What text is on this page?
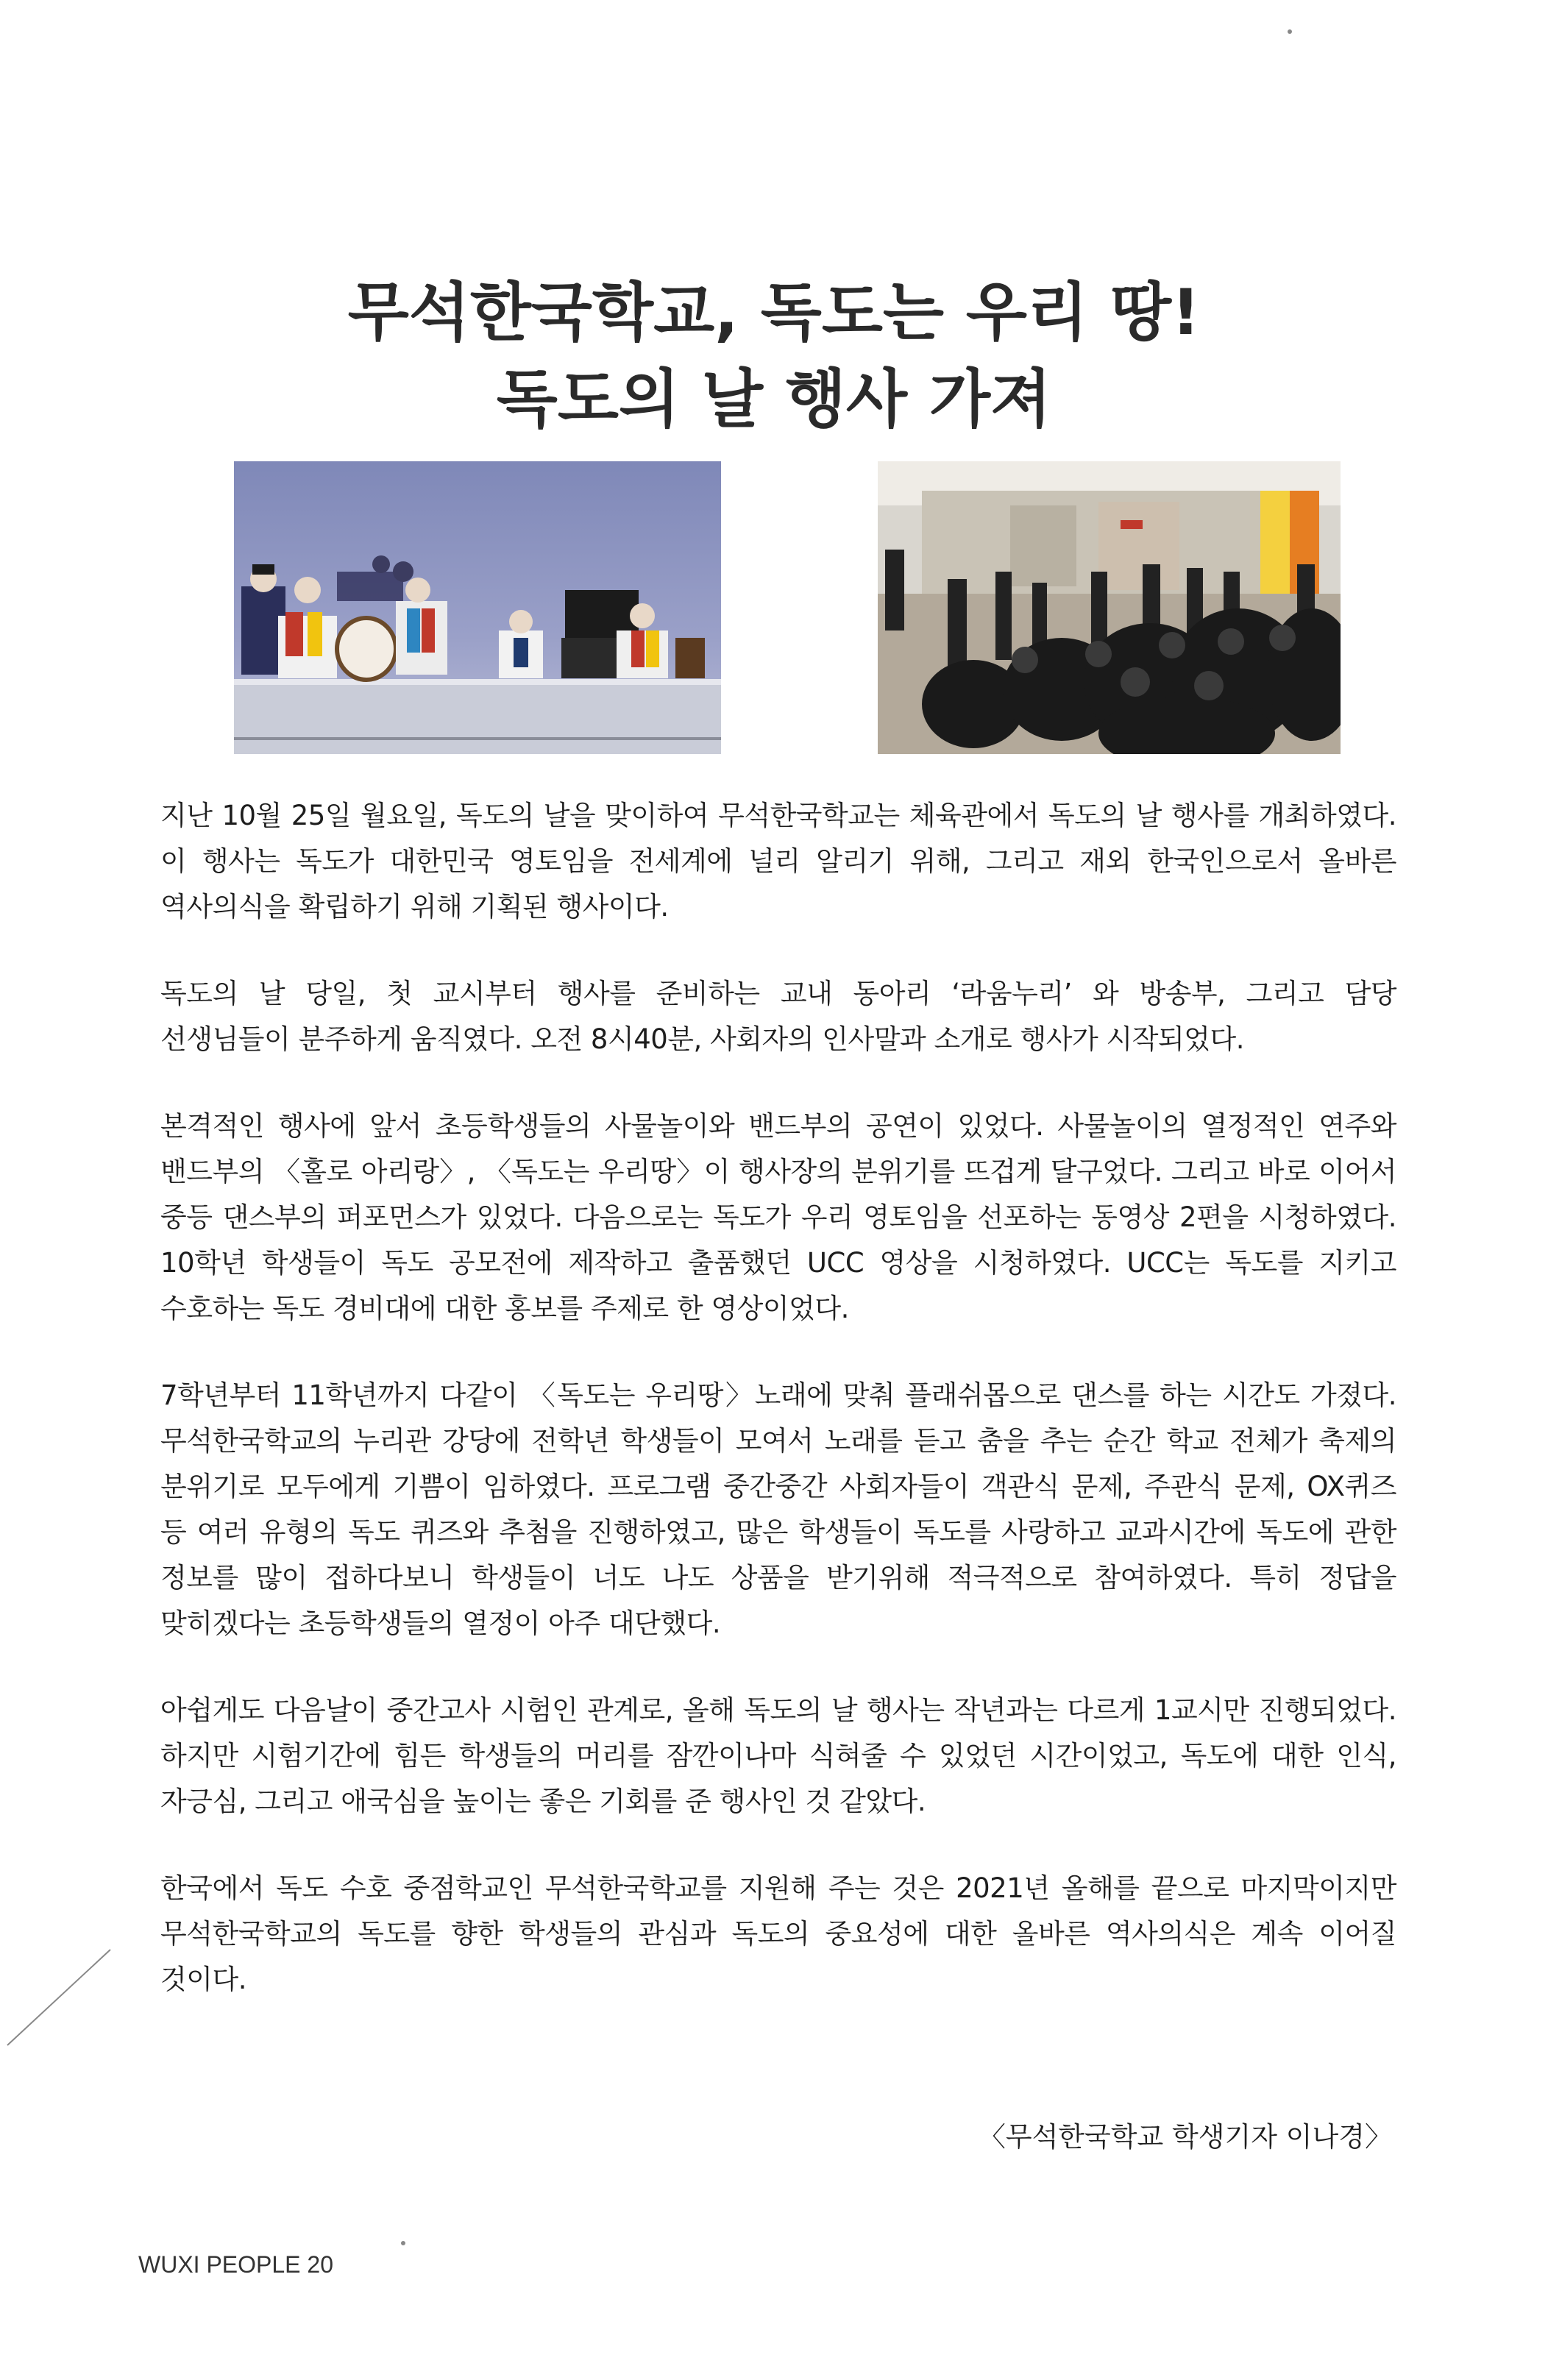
무석한국학교, 독도는 우리 땅!
독도의 날 행사 가져
지난 10월 25일 월요일, 독도의 날을 맞이하여 무석한국학교는 체육관에서 독도의 날 행사를 개최하였다.
이 행사는 독도가 대한민국 영토임을 전세계에 널리 알리기 위해, 그리고 재외 한국인으로서 올바른
역사의식을 확립하기 위해 기획된 행사이다.
독도의 날 당일, 첫 교시부터 행사를 준비하는 교내 동아리 ‘라움누리’ 와 방송부, 그리고 담당
선생님들이 분주하게 움직였다. 오전 8시40분, 사회자의 인사말과 소개로 행사가 시작되었다.
본격적인 행사에 앞서 초등학생들의 사물놀이와 밴드부의 공연이 있었다. 사물놀이의 열정적인 연주와
밴드부의 〈홀로 아리랑〉, 〈독도는 우리땅〉이 행사장의 분위기를 뜨겁게 달구었다. 그리고 바로 이어서
중등 댄스부의 퍼포먼스가 있었다. 다음으로는 독도가 우리 영토임을 선포하는 동영상 2편을 시청하였다.
10학년 학생들이 독도 공모전에 제작하고 출품했던 UCC 영상을 시청하였다. UCC는 독도를 지키고
수호하는 독도 경비대에 대한 홍보를 주제로 한 영상이었다.
7학년부터 11학년까지 다같이 〈독도는 우리땅〉노래에 맞춰 플래쉬몹으로 댄스를 하는 시간도 가졌다.
무석한국학교의 누리관 강당에 전학년 학생들이 모여서 노래를 듣고 춤을 추는 순간 학교 전체가 축제의
분위기로 모두에게 기쁨이 임하였다. 프로그램 중간중간 사회자들이 객관식 문제, 주관식 문제, OX퀴즈
등 여러 유형의 독도 퀴즈와 추첨을 진행하였고, 많은 학생들이 독도를 사랑하고 교과시간에 독도에 관한
정보를 많이 접하다보니 학생들이 너도 나도 상품을 받기위해 적극적으로 참여하였다. 특히 정답을
맞히겠다는 초등학생들의 열정이 아주 대단했다.
아쉽게도 다음날이 중간고사 시험인 관계로, 올해 독도의 날 행사는 작년과는 다르게 1교시만 진행되었다.
하지만 시험기간에 힘든 학생들의 머리를 잠깐이나마 식혀줄 수 있었던 시간이었고, 독도에 대한 인식,
자긍심, 그리고 애국심을 높이는 좋은 기회를 준 행사인 것 같았다.
한국에서 독도 수호 중점학교인 무석한국학교를 지원해 주는 것은 2021년 올해를 끝으로 마지막이지만
무석한국학교의 독도를 향한 학생들의 관심과 독도의 중요성에 대한 올바른 역사의식은 계속 이어질
것이다.
〈무석한국학교 학생기자 이나경〉
WUXI PEOPLE 20
